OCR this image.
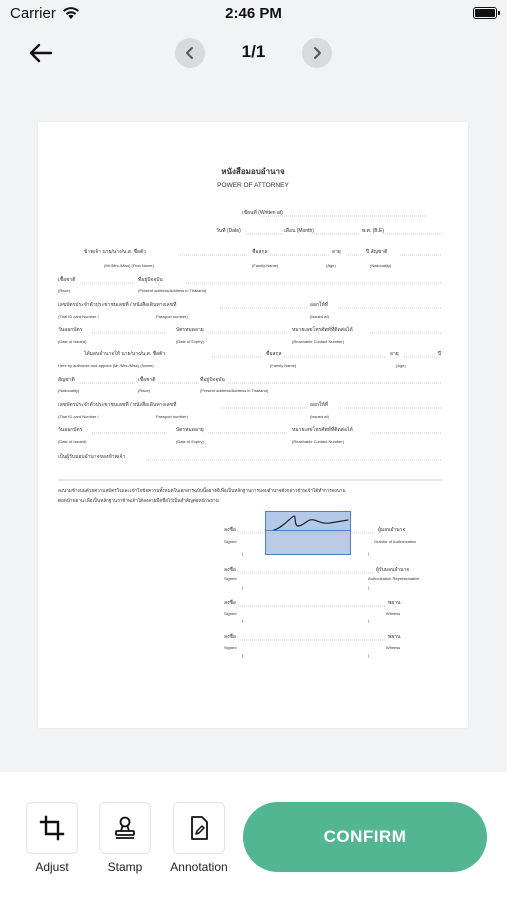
Carrier	2:46 PM
1/1
หนังสือมอบอำนาจ
POWER OF ATTORNEY
เขียนที่ (Written at)
วันที่ (Date)	เดือน (Month)	พ.ศ. (B.E)
ข้าพเจ้า นาย/นาง/น.ส. ชื่อตัว
(Mr./Mrs./Miss) (First Name)
ชื่อสกุล
(Family Name)
อายุ
(Age)
ปี สัญชาติ
(Nationality)
เชื้อชาติ
(Race)
ที่อยู่ปัจจุบัน
(Present address/Address in Thailand)
เลขบัตรประจำตัวประชาชนเลขที่ / หนังสือเดินทางเลขที่
(Thai ID card Number /	Passport number)
ออกให้ที่
(Issued at)
วันออกบัตร
(Date of Issued)
บัตรหมดอายุ
(Date of Expiry)
หมายเลขโทรศัพท์ที่ติดต่อได้
(Reachable Contact Number)
ได้มอบอำนาจให้ นาย/นาง/น.ส. ชื่อตัว
Here by authorize and appoint (Mr./Mrs./Miss) (Name)
ชื่อสกุล
(Family Name)
อายุ
(Age)
ปี
สัญชาติ
(Nationality)
เชื้อชาติ
(Race)
ที่อยู่ปัจจุบัน
(Present address/Address in Thailand)
เลขบัตรประจำตัวประชาชนเลขที่ / หนังสือเดินทางเลขที่
(Thai ID card Number /	Passport number)
ออกให้ที่
(Issued at)
วันออกบัตร
(Date of Issued)
บัตรหมดอายุ
(Date of Expiry)
หมายเลขโทรศัพท์ที่ติดต่อได้
(Reachable Contact Number)
เป็นผู้รับมอบอำนาจของข้าพเจ้า
ลงนามข้างบนด้วยความสมัครใจและเข้าใจข้อความทั้งหมดในเอกสารฉบับนี้อย่างดีเพื่อเป็นหลักฐานการมอบอำนาจดังกล่าวข้าพเจ้าได้ทำการลงนาม
ต่อหน้าพยาน เพื่อเป็นหลักฐานว่าข้าพเจ้าได้ลงลายมือชื่อไว้เป็นสำคัญต่อหน้าพยาน
ลงชื่อ
Signed
ผู้มอบอำนาจ
Grantor of Authorization
ลงชื่อ
Signed
ผู้รับมอบอำนาจ
Authorization Representative
ลงชื่อ
Signed
พยาน
Witness
ลงชื่อ
Signed
พยาน
Witness
(	)
(	)
(	)
(	)
Adjust	Stamp	Annotation
CONFIRM
